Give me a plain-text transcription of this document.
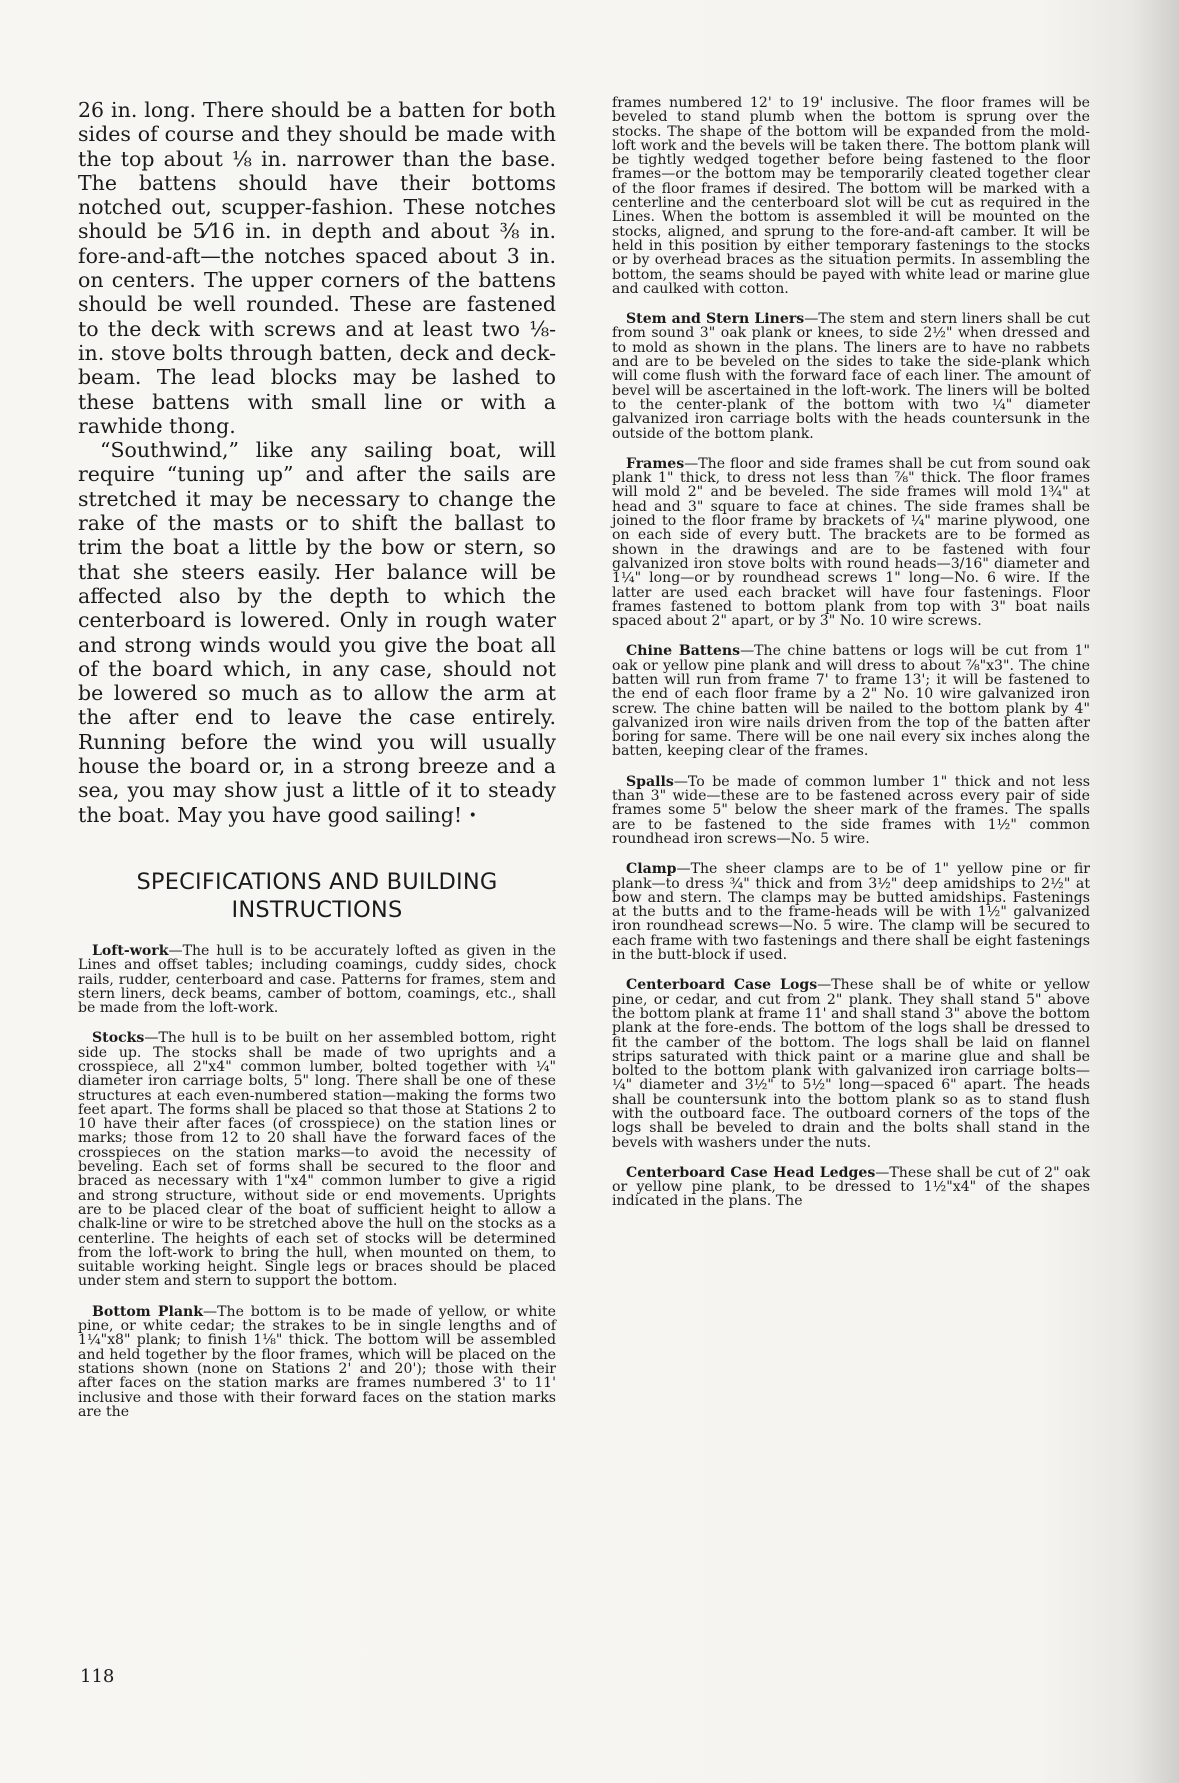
26 in. long. There should be a batten for both sides of course and they should be made with the top about ⅛ in. narrower than the base. The battens should have their bottoms notched out, scupper-fashion. These notches should be 5⁄16 in. in depth and about ⅜ in. fore-and-aft—the notches spaced about 3 in. on centers. The upper corners of the battens should be well rounded. These are fastened to the deck with screws and at least two ⅛-in. stove bolts through batten, deck and deck-beam. The lead blocks may be lashed to these battens with small line or with a rawhide thong.

“Southwind,” like any sailing boat, will require “tuning up” and after the sails are stretched it may be necessary to change the rake of the masts or to shift the ballast to trim the boat a little by the bow or stern, so that she steers easily. Her balance will be affected also by the depth to which the centerboard is lowered. Only in rough water and strong winds would you give the boat all of the board which, in any case, should not be lowered so much as to allow the arm at the after end to leave the case entirely. Running before the wind you will usually house the board or, in a strong breeze and a sea, you may show just a little of it to steady the boat. May you have good sailing! •

SPECIFICATIONS AND BUILDING
INSTRUCTIONS

Loft-work—The hull is to be accurately lofted as given in the Lines and offset tables; including coamings, cuddy sides, chock rails, rudder, centerboard and case. Patterns for frames, stem and stern liners, deck beams, camber of bottom, coamings, etc., shall be made from the loft-work.

Stocks—The hull is to be built on her assembled bottom, right side up. The stocks shall be made of two uprights and a crosspiece, all 2"x4" common lumber, bolted together with ¼" diameter iron carriage bolts, 5" long. There shall be one of these structures at each even-numbered station—making the forms two feet apart. The forms shall be placed so that those at Stations 2 to 10 have their after faces (of crosspiece) on the station lines or marks; those from 12 to 20 shall have the forward faces of the crosspieces on the station marks—to avoid the necessity of beveling. Each set of forms shall be secured to the floor and braced as necessary with 1"x4" common lumber to give a rigid and strong structure, without side or end movements. Uprights are to be placed clear of the boat of sufficient height to allow a chalk-line or wire to be stretched above the hull on the stocks as a centerline. The heights of each set of stocks will be determined from the loft-work to bring the hull, when mounted on them, to suitable working height. Single legs or braces should be placed under stem and stern to support the bottom.

Bottom Plank—The bottom is to be made of yellow, or white pine, or white cedar; the strakes to be in single lengths and of 1¼"x8" plank; to finish 1⅛" thick. The bottom will be assembled and held together by the floor frames, which will be placed on the stations shown (none on Stations 2' and 20'); those with their after faces on the station marks are frames numbered 3' to 11' inclusive and those with their forward faces on the station marks are the

frames numbered 12' to 19' inclusive. The floor frames will be beveled to stand plumb when the bottom is sprung over the stocks. The shape of the bottom will be expanded from the mold-loft work and the bevels will be taken there. The bottom plank will be tightly wedged together before being fastened to the floor frames—or the bottom may be temporarily cleated together clear of the floor frames if desired. The bottom will be marked with a centerline and the centerboard slot will be cut as required in the Lines. When the bottom is assembled it will be mounted on the stocks, aligned, and sprung to the fore-and-aft camber. It will be held in this position by either temporary fastenings to the stocks or by overhead braces as the situation permits. In assembling the bottom, the seams should be payed with white lead or marine glue and caulked with cotton.

Stem and Stern Liners—The stem and stern liners shall be cut from sound 3" oak plank or knees, to side 2½" when dressed and to mold as shown in the plans. The liners are to have no rabbets and are to be beveled on the sides to take the side-plank which will come flush with the forward face of each liner. The amount of bevel will be ascertained in the loft-work. The liners will be bolted to the center-plank of the bottom with two ¼" diameter galvanized iron carriage bolts with the heads countersunk in the outside of the bottom plank.

Frames—The floor and side frames shall be cut from sound oak plank 1" thick, to dress not less than ⅞" thick. The floor frames will mold 2" and be beveled. The side frames will mold 1¾" at head and 3" square to face at chines. The side frames shall be joined to the floor frame by brackets of ¼" marine plywood, one on each side of every butt. The brackets are to be formed as shown in the drawings and are to be fastened with four galvanized iron stove bolts with round heads—3/16" diameter and 1¼" long—or by roundhead screws 1" long—No. 6 wire. If the latter are used each bracket will have four fastenings. Floor frames fastened to bottom plank from top with 3" boat nails spaced about 2" apart, or by 3" No. 10 wire screws.

Chine Battens—The chine battens or logs will be cut from 1" oak or yellow pine plank and will dress to about ⅞"x3". The chine batten will run from frame 7' to frame 13'; it will be fastened to the end of each floor frame by a 2" No. 10 wire galvanized iron screw. The chine batten will be nailed to the bottom plank by 4" galvanized iron wire nails driven from the top of the batten after boring for same. There will be one nail every six inches along the batten, keeping clear of the frames.

Spalls—To be made of common lumber 1" thick and not less than 3" wide—these are to be fastened across every pair of side frames some 5" below the sheer mark of the frames. The spalls are to be fastened to the side frames with 1½" common roundhead iron screws—No. 5 wire.

Clamp—The sheer clamps are to be of 1" yellow pine or fir plank—to dress ¾" thick and from 3½" deep amidships to 2½" at bow and stern. The clamps may be butted amidships. Fastenings at the butts and to the frame-heads will be with 1½" galvanized iron roundhead screws—No. 5 wire. The clamp will be secured to each frame with two fastenings and there shall be eight fastenings in the butt-block if used.

Centerboard Case Logs—These shall be of white or yellow pine, or cedar, and cut from 2" plank. They shall stand 5" above the bottom plank at frame 11' and shall stand 3" above the bottom plank at the fore-ends. The bottom of the logs shall be dressed to fit the camber of the bottom. The logs shall be laid on flannel strips saturated with thick paint or a marine glue and shall be bolted to the bottom plank with galvanized iron carriage bolts—¼" diameter and 3½" to 5½" long—spaced 6" apart. The heads shall be countersunk into the bottom plank so as to stand flush with the outboard face. The outboard corners of the tops of the logs shall be beveled to drain and the bolts shall stand in the bevels with washers under the nuts.

Centerboard Case Head Ledges—These shall be cut of 2" oak or yellow pine plank, to be dressed to 1½"x4" of the shapes indicated in the plans. The

118
